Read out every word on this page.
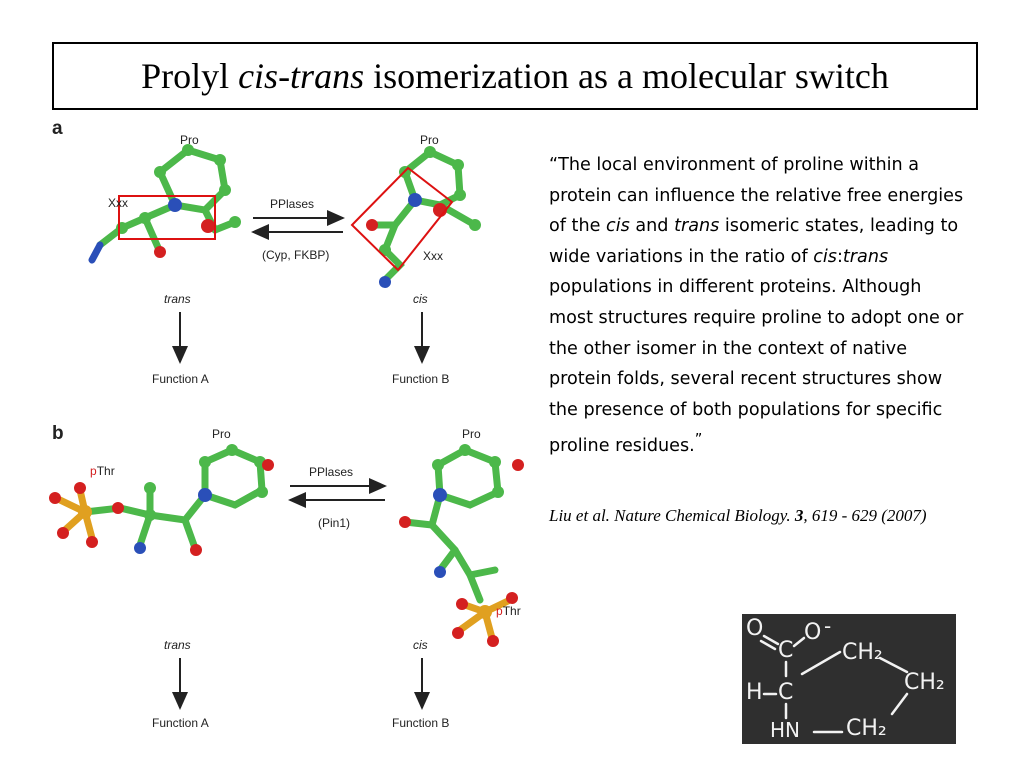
Prolyl cis-trans isomerization as a molecular switch
a
Pro	Pro
Xxx
Xxx
PPlases
(Cyp, FKBP)
trans	cis
Function A	Function B
b	Pro	Pro
pThr
pThr
PPlases
(Pin1)
trans	cis
Function A	Function B
“The local environment of proline within a protein can influence the relative free energies of the cis and trans isomeric states, leading to wide variations in the ratio of cis:trans populations in different proteins. Although most structures require proline to adopt one or the other isomer in the context of native protein folds, several recent structures show the presence of both populations for specific proline residues.”
Liu et al. Nature Chemical Biology. 3, 619 - 629 (2007)
O
C
O -
CH₂
H C	CH₂
HN CH₂
